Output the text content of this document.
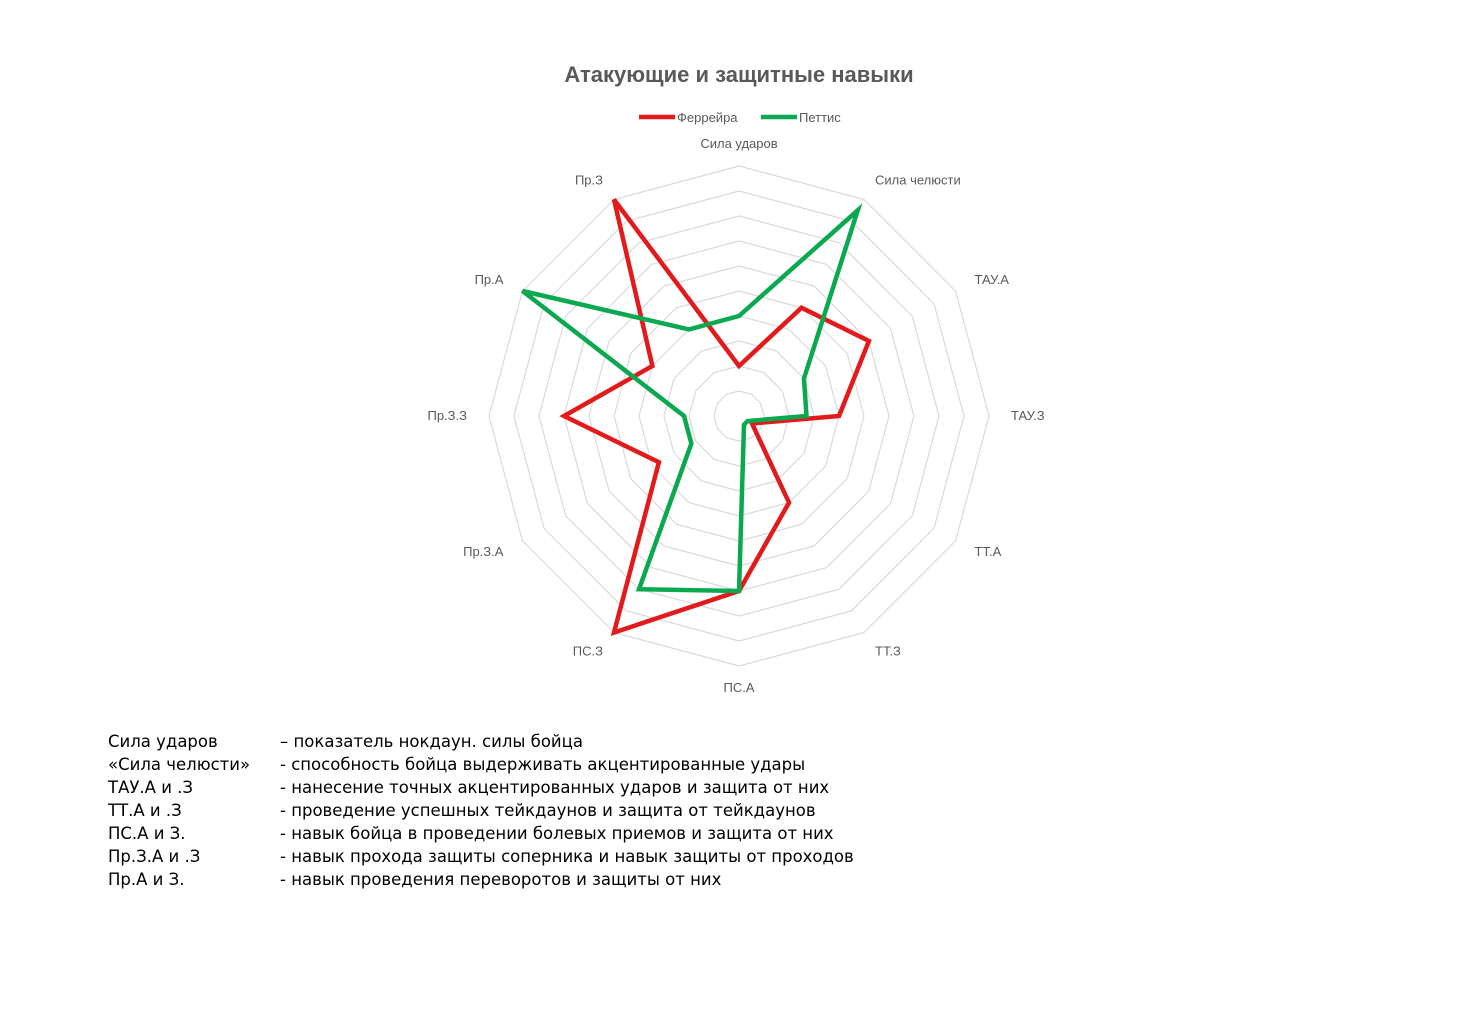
Атакующие и защитные навыки
Феррейра	Петтис
Сила ударов
Сила челюсти
ТАУ.А
ТАУ.З
ТТ.А
ТТ.З
ПС.А
ПС.З
Пр.З.А
Пр.З.З
Пр.А
Пр.З
Сила ударов	– показатель нокдаун. силы бойца
«Сила челюсти»	- способность бойца выдерживать акцентированные удары
ТАУ.А и .З	- нанесение точных акцентированных ударов и защита от них
ТТ.А и .З	- проведение успешных тейкдаунов и защита от тейкдаунов
ПС.А и З.	- навык бойца в проведении болевых приемов и защита от них
Пр.З.А и .З	- навык прохода защиты соперника и навык защиты от проходов
Пр.А и З.	- навык проведения переворотов и защиты от них
